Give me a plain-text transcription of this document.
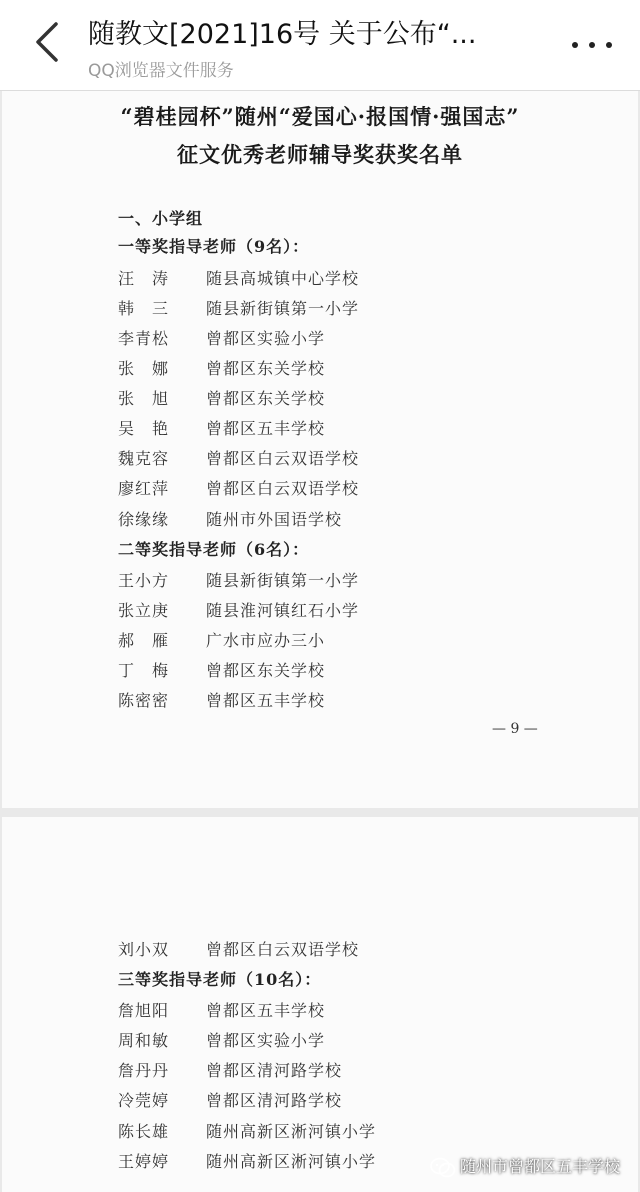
随教文[2021]16号 关于公布“...
QQ浏览器文件服务
“碧桂园杯”随州“爱国心·报国情·强国志”
征文优秀老师辅导奖获奖名单
一、小学组
一等奖指导老师（9名）：
汪　涛 随县高城镇中心学校
韩　三 随县新街镇第一小学
李青松 曾都区实验小学
张　娜 曾都区东关学校
张　旭 曾都区东关学校
吴　艳 曾都区五丰学校
魏克容 曾都区白云双语学校
廖红萍 曾都区白云双语学校
徐缘缘 随州市外国语学校
二等奖指导老师（6名）：
王小方 随县新街镇第一小学
张立庚 随县淮河镇红石小学
郝　雁 广水市应办三小
丁　梅 曾都区东关学校
陈密密 曾都区五丰学校
— 9 —
刘小双 曾都区白云双语学校
三等奖指导老师（10名）：
詹旭阳 曾都区五丰学校
周和敏 曾都区实验小学
詹丹丹 曾都区清河路学校
冷莞婷 曾都区清河路学校
陈长雄 随州高新区淅河镇小学
王婷婷 随州高新区淅河镇小学	随州市曾都区五丰学校
